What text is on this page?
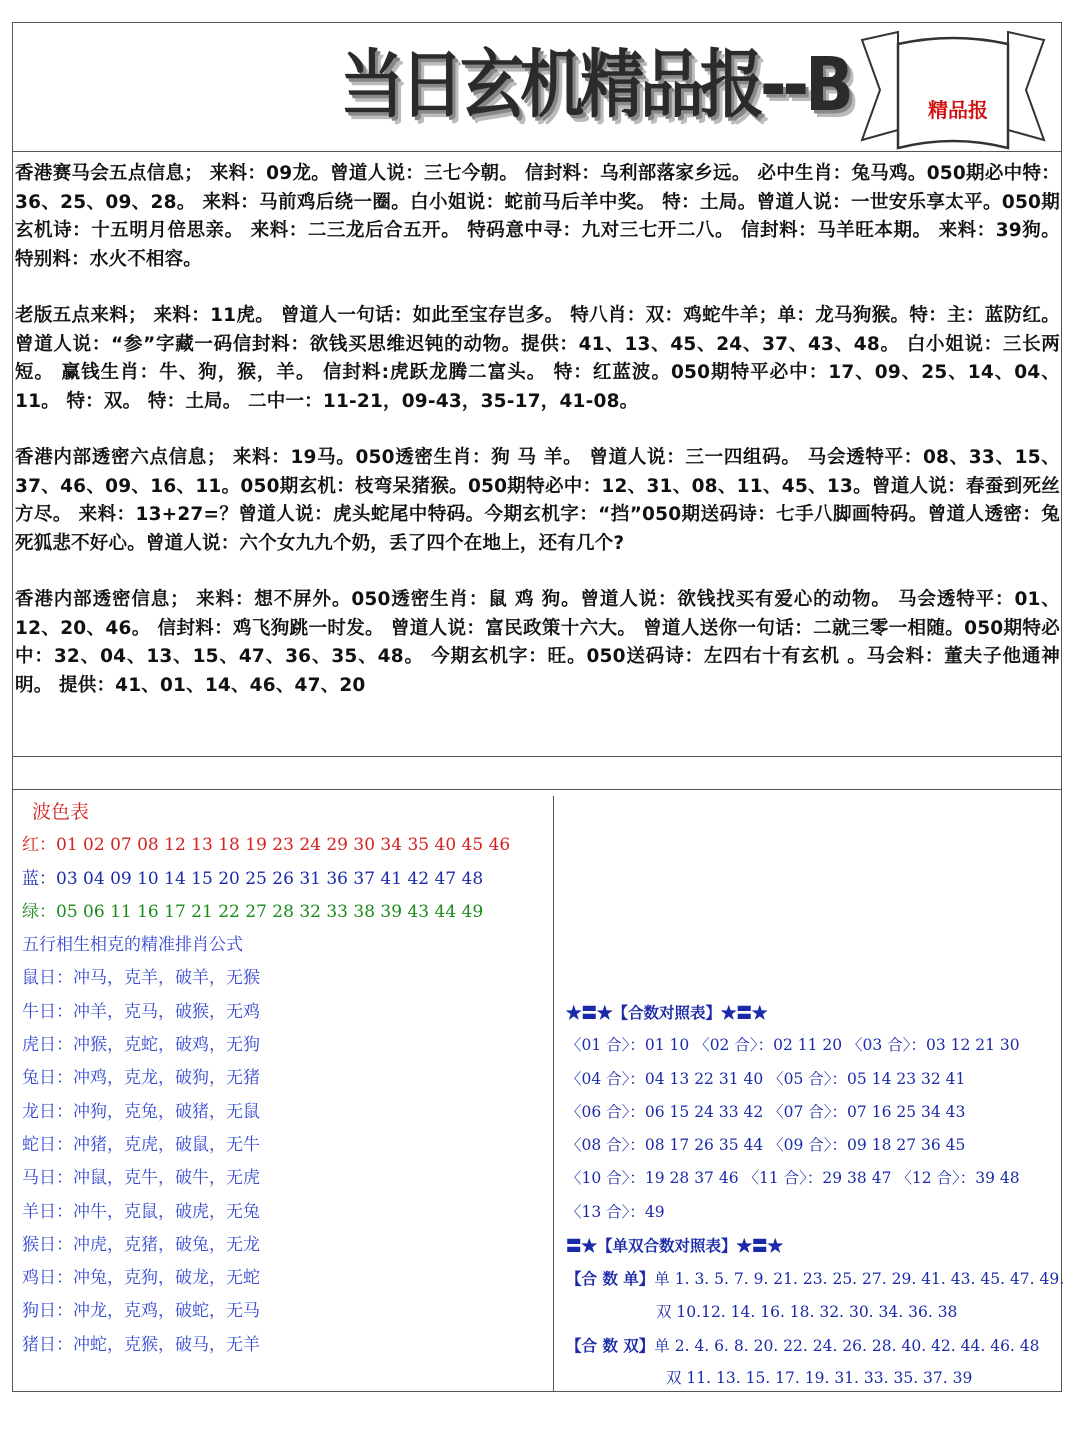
当日玄机精品报--B	精品报

香港赛马会五点信息； 来料：09龙。曾道人说：三七今朝。 信封料：乌利部落家乡远。 必中生肖：兔马鸡。050期必中特：36、25、09、28。 来料：马前鸡后绕一圈。白小姐说：蛇前马后羊中奖。 特：土局。曾道人说：一世安乐享太平。050期玄机诗：十五明月倍思亲。 来料：二三龙后合五开。 特码意中寻：九对三七开二八。 信封料：马羊旺本期。 来料：39狗。 特别料：水火不相容。

老版五点来料； 来料：11虎。 曾道人一句话：如此至宝存岂多。 特八肖：双：鸡蛇牛羊；单：龙马狗猴。特：主：蓝防红。曾道人说：“参”字藏一码信封料：欲钱买思维迟钝的动物。提供：41、13、45、24、37、43、48。 白小姐说：三长两短。 赢钱生肖：牛、狗，猴，羊。 信封料:虎跃龙腾二富头。 特：红蓝波。050期特平必中：17、09、25、14、04、11。 特：双。 特：土局。 二中一：11-21，09-43，35-17，41-08。

香港内部透密六点信息； 来料：19马。050透密生肖：狗 马 羊。 曾道人说：三一四组码。 马会透特平：08、33、15、37、46、09、16、11。050期玄机：枝弯呆猪猴。050期特必中：12、31、08、11、45、13。曾道人说：春蚕到死丝方尽。 来料：13+27=？曾道人说：虎头蛇尾中特码。今期玄机字：“挡”050期送码诗：七手八脚画特码。曾道人透密：兔死狐悲不好心。曾道人说：六个女九九个奶，丢了四个在地上，还有几个?

香港内部透密信息； 来料：想不屏外。050透密生肖：鼠 鸡 狗。曾道人说：欲钱找买有爱心的动物。 马会透特平：01、12、20、46。 信封料：鸡飞狗跳一时发。 曾道人说：富民政策十六大。 曾道人送你一句话：二就三零一相随。050期特必中：32、04、13、15、47、36、35、48。 今期玄机字：旺。050送码诗：左四右十有玄机 。马会料：董夫子他通神明。 提供：41、01、14、46、47、20

波色表
红：01 02 07 08 12 13 18 19 23 24 29 30 34 35 40 45 46
蓝：03 04 09 10 14 15 20 25 26 31 36 37 41 42 47 48
绿：05 06 11 16 17 21 22 27 28 32 33 38 39 43 44 49
五行相生相克的精准排肖公式
鼠日：冲马，克羊，破羊，无猴
牛日：冲羊，克马，破猴，无鸡
虎日：冲猴，克蛇，破鸡，无狗
兔日：冲鸡，克龙，破狗，无猪
龙日：冲狗，克兔，破猪，无鼠
蛇日：冲猪，克虎，破鼠，无牛
马日：冲鼠，克牛，破牛，无虎
羊日：冲牛，克鼠，破虎，无兔
猴日：冲虎，克猪，破兔，无龙
鸡日：冲兔，克狗，破龙，无蛇
狗日：冲龙，克鸡，破蛇，无马
猪日：冲蛇，克猴，破马，无羊
★〓★【合数对照表】★〓★
〈01 合〉：01 10 〈02 合〉：02 11 20 〈03 合〉：03 12 21 30
〈04 合〉：04 13 22 31 40 〈05 合〉：05 14 23 32 41
〈06 合〉：06 15 24 33 42 〈07 合〉：07 16 25 34 43
〈08 合〉：08 17 26 35 44 〈09 合〉：09 18 27 36 45
〈10 合〉：19 28 37 46 〈11 合〉：29 38 47 〈12 合〉：39 48
〈13 合〉：49
〓★【单双合数对照表】★〓★
【合 数 单】单 1. 3. 5. 7. 9. 21. 23. 25. 27. 29. 41. 43. 45. 47. 49.
双 10.12. 14. 16. 18. 32. 30. 34. 36. 38
【合 数 双】单 2. 4. 6. 8. 20. 22. 24. 26. 28. 40. 42. 44. 46. 48
双 11. 13. 15. 17. 19. 31. 33. 35. 37. 39
